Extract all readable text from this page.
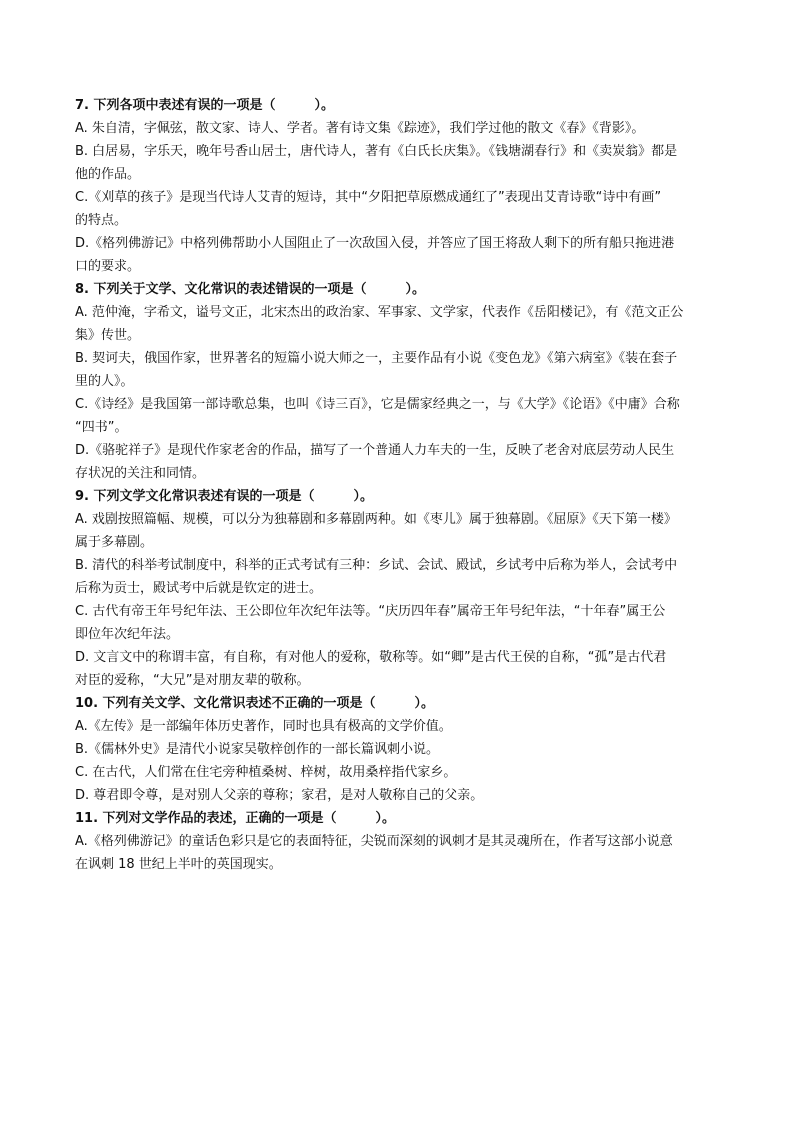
7. 下列各项中表述有误的一项是（　　　）。
A. 朱自清，字佩弦，散文家、诗人、学者。著有诗文集《踪迹》，我们学过他的散文《春》《背影》。
B. 白居易，字乐天，晚年号香山居士，唐代诗人，著有《白氏长庆集》。《钱塘湖春行》和《卖炭翁》都是
他的作品。
C.《刈草的孩子》是现当代诗人艾青的短诗，其中“夕阳把草原燃成通红了”表现出艾青诗歌“诗中有画”
的特点。
D.《格列佛游记》中格列佛帮助小人国阻止了一次敌国入侵，并答应了国王将敌人剩下的所有船只拖进港
口的要求。
8. 下列关于文学、文化常识的表述错误的一项是（　　　）。
A. 范仲淹，字希文，谥号文正，北宋杰出的政治家、军事家、文学家，代表作《岳阳楼记》，有《范文正公
集》传世。
B. 契诃夫，俄国作家，世界著名的短篇小说大师之一，主要作品有小说《变色龙》《第六病室》《装在套子
里的人》。
C.《诗经》是我国第一部诗歌总集，也叫《诗三百》，它是儒家经典之一，与《大学》《论语》《中庸》合称
“四书”。
D.《骆驼祥子》是现代作家老舍的作品，描写了一个普通人力车夫的一生，反映了老舍对底层劳动人民生
存状况的关注和同情。
9. 下列文学文化常识表述有误的一项是（　　　）。
A. 戏剧按照篇幅、规模，可以分为独幕剧和多幕剧两种。如《枣儿》属于独幕剧。《屈原》《天下第一楼》
属于多幕剧。
B. 清代的科举考试制度中，科举的正式考试有三种：乡试、会试、殿试，乡试考中后称为举人，会试考中
后称为贡士，殿试考中后就是钦定的进士。
C. 古代有帝王年号纪年法、王公即位年次纪年法等。“庆历四年春”属帝王年号纪年法，“十年春”属王公
即位年次纪年法。
D. 文言文中的称谓丰富，有自称，有对他人的爱称，敬称等。如“卿”是古代王侯的自称，“孤”是古代君
对臣的爱称，“大兄”是对朋友辈的敬称。
10. 下列有关文学、文化常识表述不正确的一项是（　　　）。
A.《左传》是一部编年体历史著作，同时也具有极高的文学价值。
B.《儒林外史》是清代小说家吴敬梓创作的一部长篇讽刺小说。
C. 在古代，人们常在住宅旁种植桑树、梓树，故用桑梓指代家乡。
D. 尊君即令尊，是对别人父亲的尊称；家君，是对人敬称自己的父亲。
11. 下列对文学作品的表述，正确的一项是（　　　）。
A.《格列佛游记》的童话色彩只是它的表面特征，尖锐而深刻的讽刺才是其灵魂所在，作者写这部小说意
在讽刺 18 世纪上半叶的英国现实。
